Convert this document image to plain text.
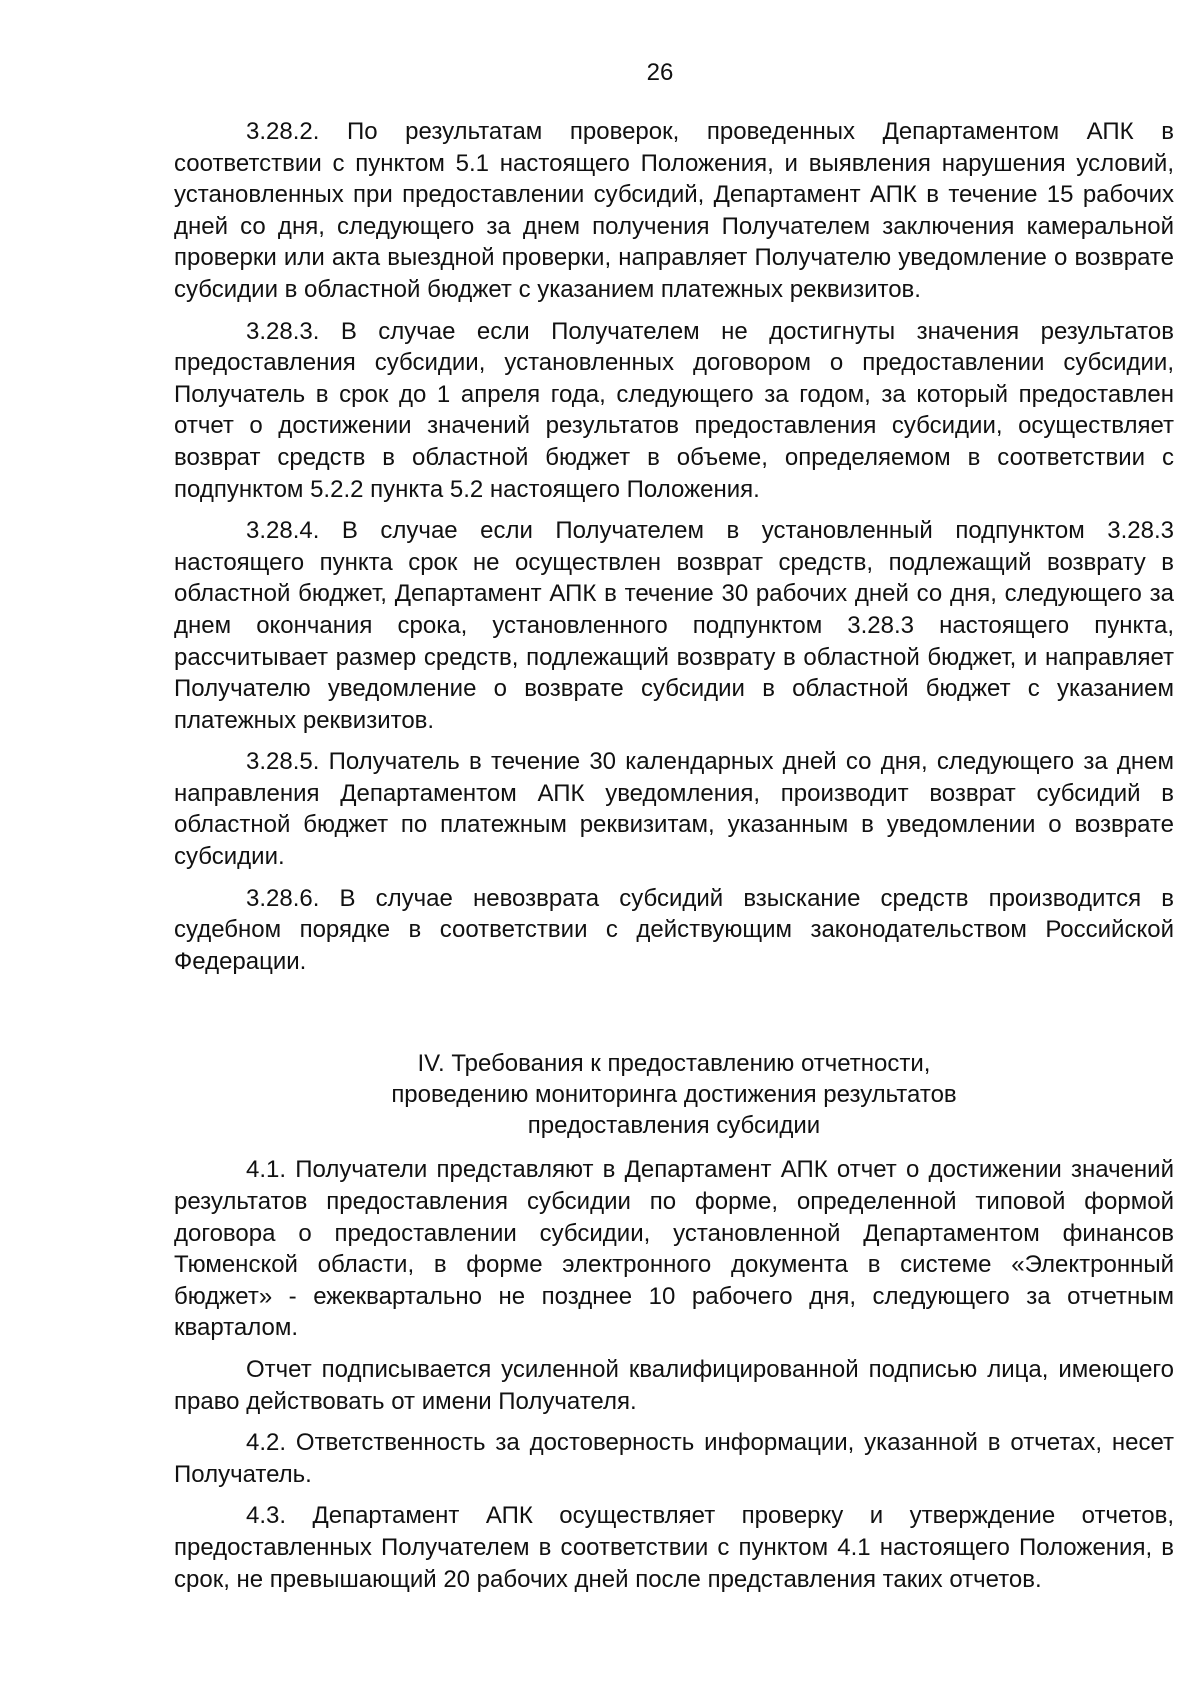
26

3.28.2. По результатам проверок, проведенных Департаментом АПК в соответствии с пунктом 5.1 настоящего Положения, и выявления нарушения условий, установленных при предоставлении субсидий, Департамент АПК в течение 15 рабочих дней со дня, следующего за днем получения Получателем заключения камеральной проверки или акта выездной проверки, направляет Получателю уведомление о возврате субсидии в областной бюджет с указанием платежных реквизитов.

3.28.3. В случае если Получателем не достигнуты значения результатов предоставления субсидии, установленных договором о предоставлении субсидии, Получатель в срок до 1 апреля года, следующего за годом, за который предоставлен отчет о достижении значений результатов предоставления субсидии, осуществляет возврат средств в областной бюджет в объеме, определяемом в соответствии с подпунктом 5.2.2 пункта 5.2 настоящего Положения.

3.28.4. В случае если Получателем в установленный подпунктом 3.28.3 настоящего пункта срок не осуществлен возврат средств, подлежащий возврату в областной бюджет, Департамент АПК в течение 30 рабочих дней со дня, следующего за днем окончания срока, установленного подпунктом 3.28.3 настоящего пункта, рассчитывает размер средств, подлежащий возврату в областной бюджет, и направляет Получателю уведомление о возврате субсидии в областной бюджет с указанием платежных реквизитов.

3.28.5. Получатель в течение 30 календарных дней со дня, следующего за днем направления Департаментом АПК уведомления, производит возврат субсидий в областной бюджет по платежным реквизитам, указанным в уведомлении о возврате субсидии.

3.28.6. В случае невозврата субсидий взыскание средств производится в судебном порядке в соответствии с действующим законодательством Российской Федерации.

IV. Требования к предоставлению отчетности,
проведению мониторинга достижения результатов
предоставления субсидии

4.1. Получатели представляют в Департамент АПК отчет о достижении значений результатов предоставления субсидии по форме, определенной типовой формой договора о предоставлении субсидии, установленной Департаментом финансов Тюменской области, в форме электронного документа в системе «Электронный бюджет» - ежеквартально не позднее 10 рабочего дня, следующего за отчетным кварталом.

Отчет подписывается усиленной квалифицированной подписью лица, имеющего право действовать от имени Получателя.

4.2. Ответственность за достоверность информации, указанной в отчетах, несет Получатель.

4.3. Департамент АПК осуществляет проверку и утверждение отчетов, предоставленных Получателем в соответствии с пунктом 4.1 настоящего Положения, в срок, не превышающий 20 рабочих дней после представления таких отчетов.
